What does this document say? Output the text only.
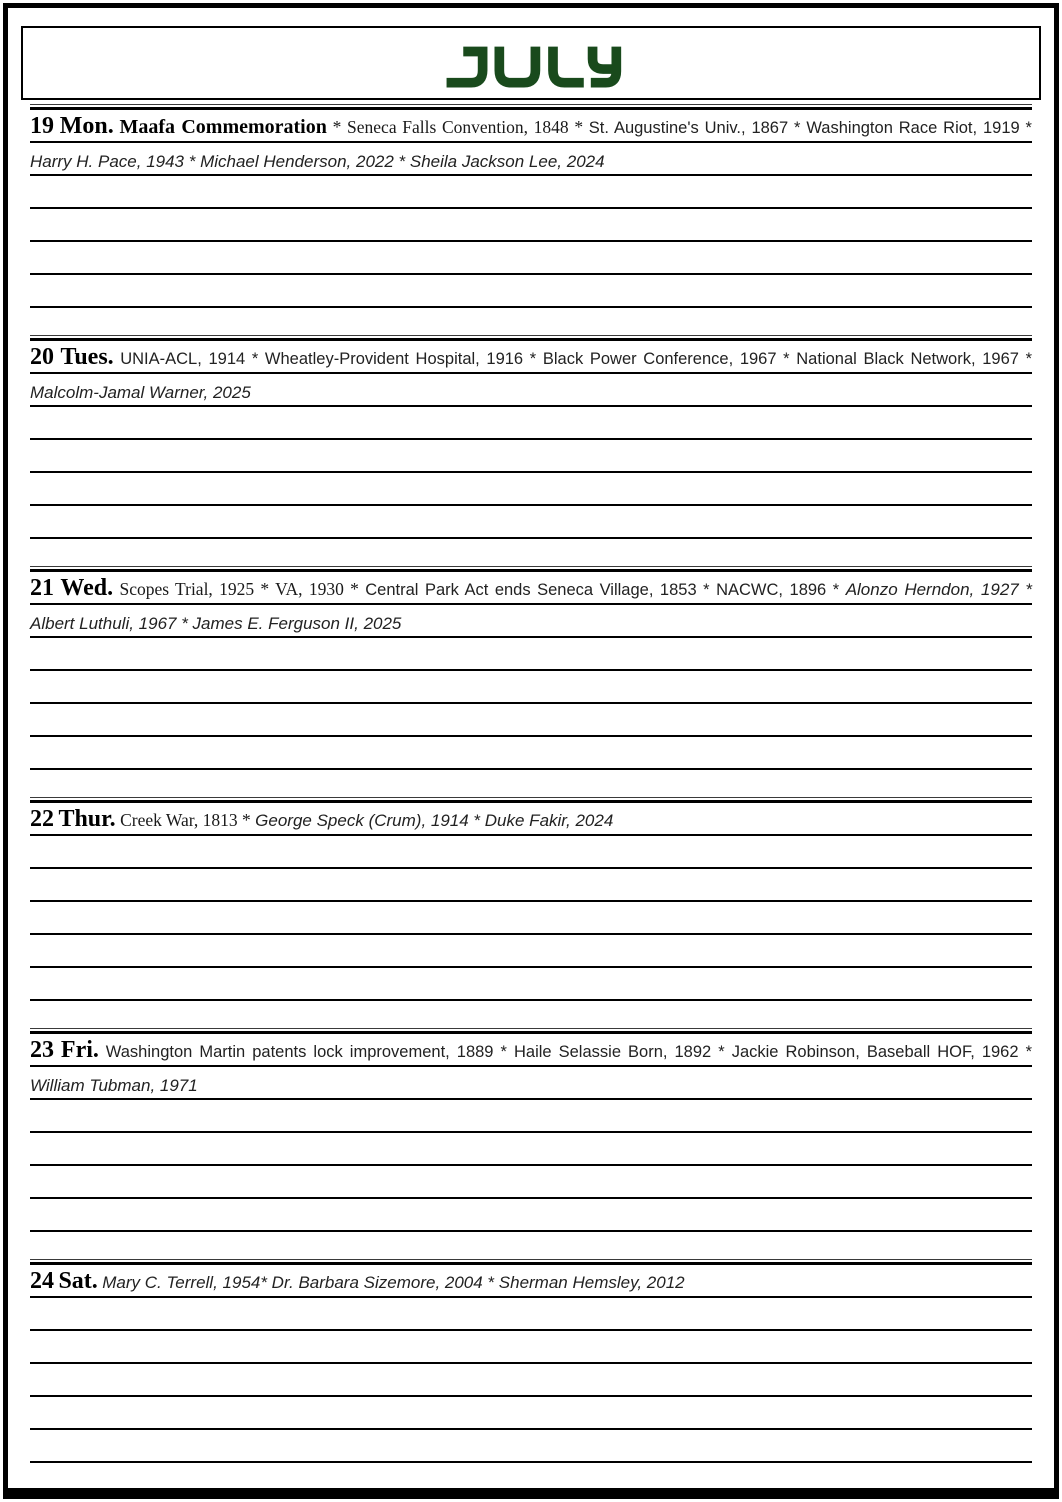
19 Mon. Maafa Commemoration * Seneca Falls Convention, 1848 * St. Augustine's Univ., 1867 * Washington Race Riot, 1919 * Harry H. Pace, 1943 * Michael Henderson, 2022 * Sheila Jackson Lee, 2024

20 Tues. UNIA-ACL, 1914 * Wheatley-Provident Hospital, 1916 * Black Power Conference, 1967 * National Black Network, 1967 * Malcolm-Jamal Warner, 2025

21 Wed. Scopes Trial, 1925 * VA, 1930 * Central Park Act ends Seneca Village, 1853 * NACWC, 1896 * Alonzo Herndon, 1927 * Albert Luthuli, 1967 * James E. Ferguson II, 2025

22 Thur. Creek War, 1813 * George Speck (Crum), 1914 * Duke Fakir, 2024

23 Fri. Washington Martin patents lock improvement, 1889 * Haile Selassie Born, 1892 * Jackie Robinson, Baseball HOF, 1962 * William Tubman, 1971

24 Sat. Mary C. Terrell, 1954* Dr. Barbara Sizemore, 2004 * Sherman Hemsley, 2012
